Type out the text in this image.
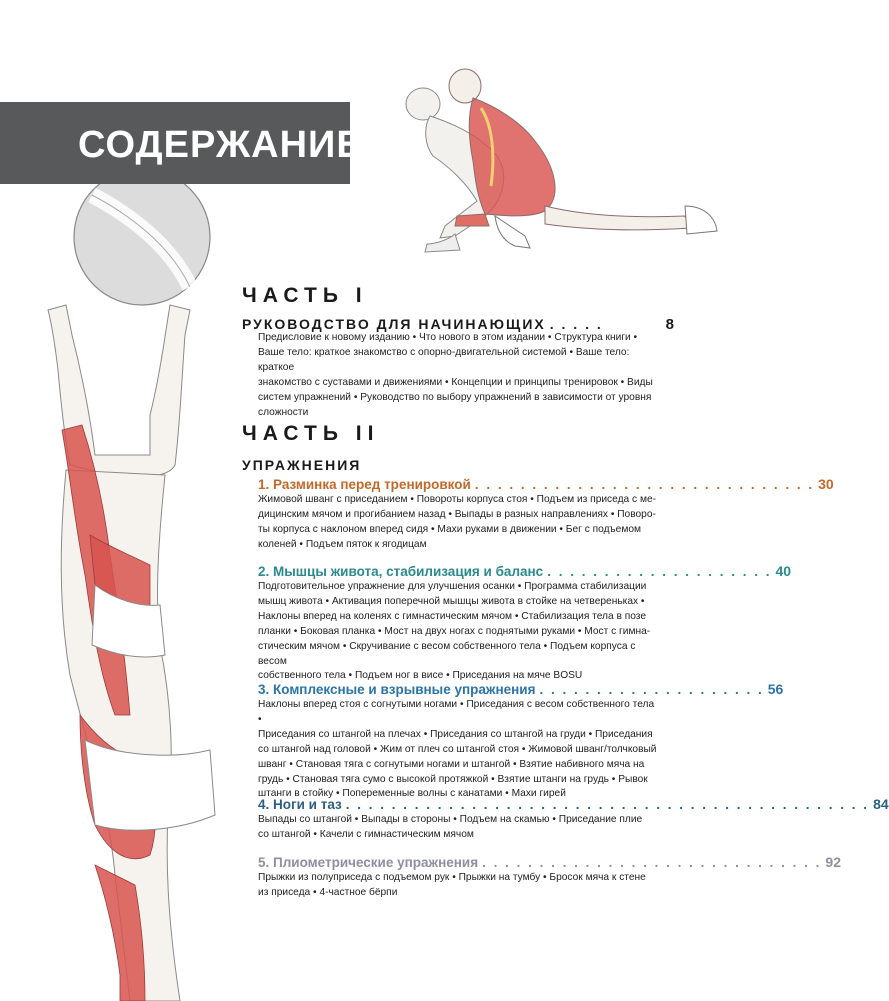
СОДЕРЖАНИЕ
ЧАСТЬ I
РУКОВОДСТВО ДЛЯ НАЧИНАЮЩИХ . . . . .	8
Предисловие к новому изданию • Что нового в этом издании • Структура книги •
Ваше тело: краткое знакомство с опорно-двигательной системой • Ваше тело: краткое
знакомство с суставами и движениями • Концепции и принципы тренировок • Виды
систем упражнений • Руководство по выбору упражнений в зависимости от уровня
сложности
ЧАСТЬ II
УПРАЖНЕНИЯ
1. Разминка перед тренировкой . . . . . . . . . . . . . . . . . . . . . . . . . . . . . . 30
Жимовой шванг с приседанием • Повороты корпуса стоя • Подъем из приседа с ме-
дицинским мячом и прогибанием назад • Выпады в разных направлениях • Поворо-
ты корпуса с наклоном вперед сидя • Махи руками в движении • Бег с подъемом
коленей • Подъем пяток к ягодицам
2. Мышцы живота, стабилизация и баланс . . . . . . . . . . . . . . . . . . . . 40
Подготовительное упражнение для улучшения осанки • Программа стабилизации
мышц живота • Активация поперечной мышцы живота в стойке на четвереньках •
Наклоны вперед на коленях с гимнастическим мячом • Стабилизация тела в позе
планки • Боковая планка • Мост на двух ногах с поднятыми руками • Мост с гимна-
стическим мячом • Скручивание с весом собственного тела • Подъем корпуса с весом
собственного тела • Подъем ног в висе • Приседания на мяче BOSU
3. Комплексные и взрывные упражнения . . . . . . . . . . . . . . . . . . . . 56
Наклоны вперед стоя с согнутыми ногами • Приседания с весом собственного тела •
Приседания со штангой на плечах • Приседания со штангой на груди • Приседания
со штангой над головой • Жим от плеч со штангой стоя • Жимовой шванг/толчковый
шванг • Становая тяга с согнутыми ногами и штангой • Взятие набивного мяча на
грудь • Становая тяга сумо с высокой протяжкой • Взятие штанги на грудь • Рывок
штанги в стойку • Попеременные волны с канатами • Махи гирей
4. Ноги и таз . . . . . . . . . . . . . . . . . . . . . . . . . . . . . . . . . . . . . . . . . . . . . . 84
Выпады со штангой • Выпады в стороны • Подъем на скамью • Приседание плие
со штангой • Качели с гимнастическим мячом
5. Плиометрические упражнения . . . . . . . . . . . . . . . . . . . . . . . . . . . . . . 92
Прыжки из полуприседа с подъемом рук • Прыжки на тумбу • Бросок мяча к стене
из приседа • 4-частное бёрпи
